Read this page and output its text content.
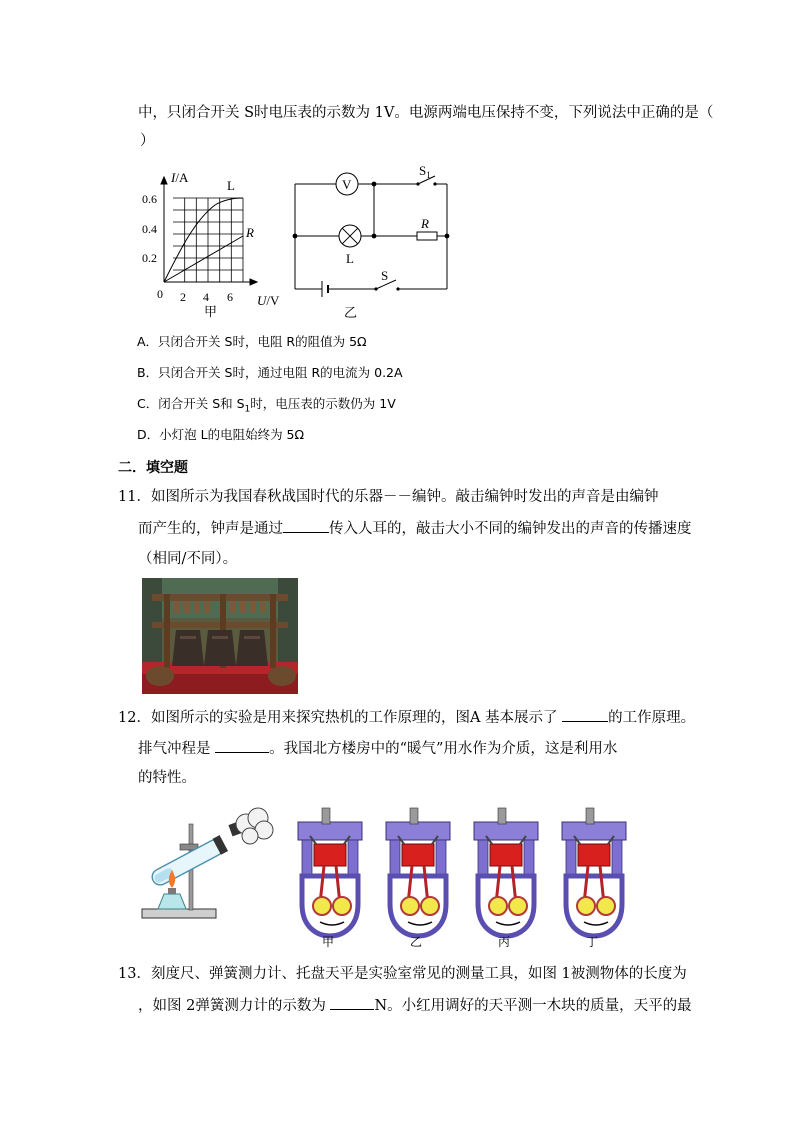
中，只闭合开关 S时电压表的示数为 1V。电源两端电压保持不变，下列说法中正确的是（
）
I/A
0.6
0.4
0.2
0 2 4 6 U/V
L
R
甲
V
$S_1$
R
L
S
乙
A．只闭合开关 S时，电阻 R的阻值为 5Ω
B．只闭合开关 S时，通过电阻 R的电流为 0.2A
C．闭合开关 S和 $S_1$时，电压表的示数仍为 1V
D．小灯泡 L的电阻始终为 5Ω
二．填空题
11．如图所示为我国春秋战国时代的乐器－－编钟。敲击编钟时发出的声音是由编钟
而产生的，钟声是通过	传入人耳的，敲击大小不同的编钟发出的声音的传播速度
（相同/不同）。
12．如图所示的实验是用来探究热机的工作原理的，图A 基本展示了	的工作原理。
排气冲程是	。我国北方楼房中的“暖气”用水作为介质，这是利用水
的特性。
甲	乙	丙	丁
13．刻度尺、弹簧测力计、托盘天平是实验室常见的测量工具，如图 1被测物体的长度为
，如图 2弹簧测力计的示数为	N。小红用调好的天平测一木块的质量，天平的最
